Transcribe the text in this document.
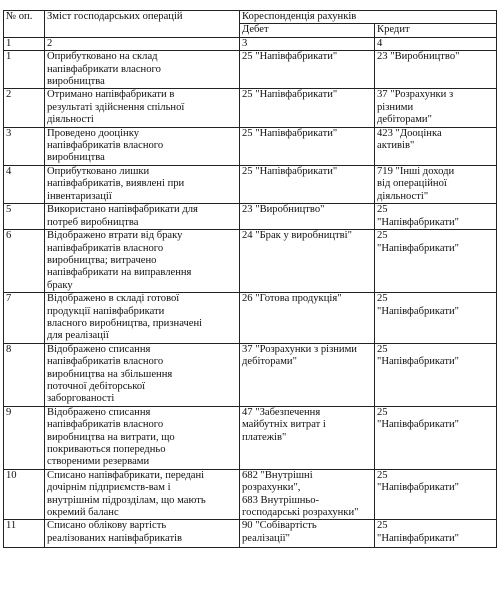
№ оп.	Зміст господарських операцій	Кореспонденція рахунків	
		Дебет	Кредит
1	2	3	4

1	Оприбутковано на склад
напівфабрикати власного
виробництва	25 "Напівфабрикати"	23 "Виробництво"

2	Отримано напівфабрикати в
результаті здійснення спільної
діяльності	25 "Напівфабрикати"	37 "Розрахунки з
різними
дебіторами"

3	Проведено дооцінку
напівфабрикатів власного
виробництва	25 "Напівфабрикати"	423 "Дооцінка
активів"

4	Оприбутковано лишки
напівфабрикатів, виявлені при
інвентаризації	25 "Напівфабрикати"	719 "Інші доходи
від операційної
діяльності"

5	Використано напівфабрикати для
потреб виробництва	23 "Виробництво"	25
"Напівфабрикати"

6	Відображено втрати від браку
напівфабрикатів власного
виробництва; витрачено
напівфабрикати на виправлення
браку	24 "Брак у виробництві"	25
"Напівфабрикати"

7	Відображено в складі готової
продукції напівфабрикати
власного виробництва, призначені
для реалізації	26 "Готова продукція"	25
"Напівфабрикати"

8	Відображено списання
напівфабрикатів власного
виробництва на збільшення
поточної дебіторської
заборгованості	37 "Розрахунки з різними
дебіторами"	25
"Напівфабрикати"

9	Відображено списання
напівфабрикатів власного
виробництва на витрати, що
покриваються попередньо
створеними резервами	47 "Забезпечення
майбутніх витрат і
платежів"	25
"Напівфабрикати"

10	Списано напівфабрикати, передані
дочірнім підприємств-вам і
внутрішнім підрозділам, що мають
окремий баланс	682 "Внутрішні
розрахунки",
683 Внутрішньо-
господарські розрахунки"	25
"Напівфабрикати"

11	Списано облікову вартість
реалізованих напівфабрикатів	90 "Собівартість
реалізації"	25
"Напівфабрикати"
